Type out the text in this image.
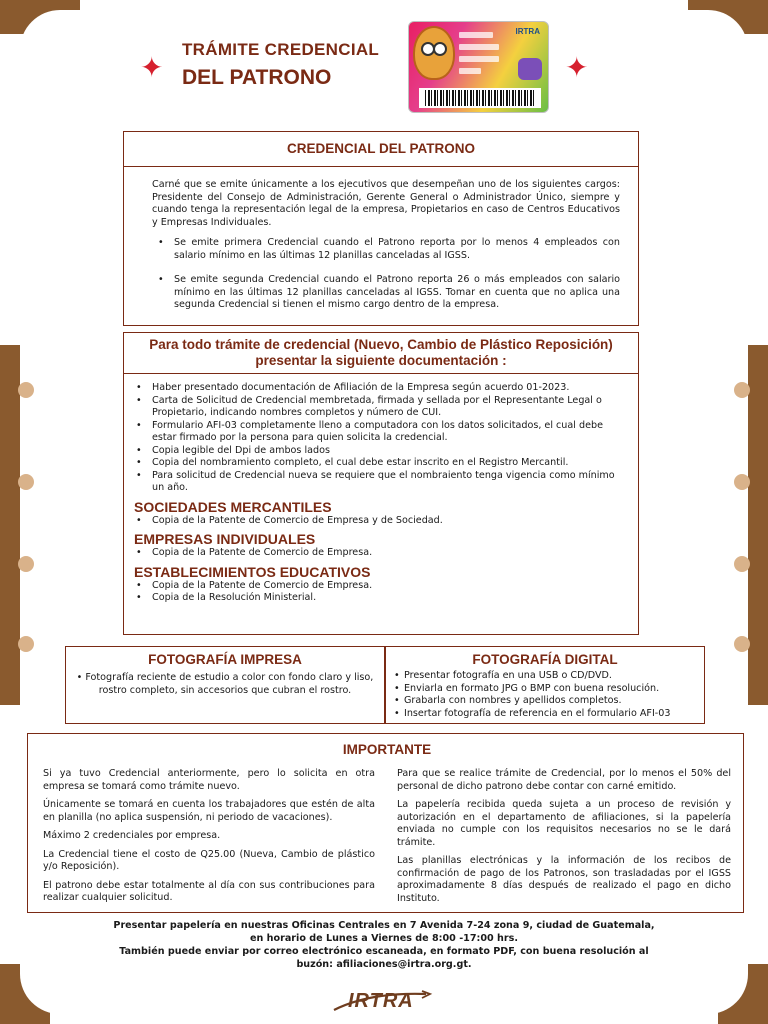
✦	✦
TRÁMITE CREDENCIAL
DEL PATRONO
IRTRA
CREDENCIAL DEL PATRONO

Carné que se emite únicamente a los ejecutivos que desempeñan uno de los siguientes cargos: Presidente del Consejo de Administración, Gerente General o Administrador Único, siempre y cuando tenga la representación legal de la empresa, Propietarios en caso de Centros Educativos y Empresas Individuales.

• Se emite primera Credencial cuando el Patrono reporta por lo menos 4 empleados con salario mínimo en las últimas 12 planillas canceladas al IGSS.
• Se emite segunda Credencial cuando el Patrono reporta 26 o más empleados con salario mínimo en las últimas 12 planillas canceladas al IGSS. Tomar en cuenta que no aplica una segunda Credencial si tienen el mismo cargo dentro de la empresa.
Para todo trámite de credencial (Nuevo, Cambio de Plástico Reposición) presentar la siguiente documentación :
• Haber presentado documentación de Afiliación de la Empresa según acuerdo 01-2023.
• Carta de Solicitud de Credencial membretada, firmada y sellada por el Representante Legal o Propietario, indicando nombres completos y número de CUI.
• Formulario AFI-03 completamente lleno a computadora con los datos solicitados, el cual debe estar firmado por la persona para quien solicita la credencial.
• Copia legible del Dpi de ambos lados
• Copia del nombramiento completo, el cual debe estar inscrito en el Registro Mercantil.
• Para solicitud de Credencial nueva se requiere que el nombraiento tenga vigencia como mínimo un año.
SOCIEDADES MERCANTILES
• Copia de la Patente de Comercio de Empresa y de Sociedad.
EMPRESAS INDIVIDUALES
• Copia de la Patente de Comercio de Empresa.
ESTABLECIMIENTOS EDUCATIVOS
• Copia de la Patente de Comercio de Empresa.
• Copia de la Resolución Ministerial.
FOTOGRAFÍA IMPRESA

• Fotografía reciente de estudio a color con fondo claro y liso, rostro completo, sin accesorios que cubran el rostro.

FOTOGRAFÍA DIGITAL
• Presentar fotografía en una USB o CD/DVD.
• Enviarla en formato JPG o BMP con buena resolución.
• Grabarla con nombres y apellidos completos.
• Insertar fotografía de referencia en el formulario AFI-03
IMPORTANTE

Si ya tuvo Credencial anteriormente, pero lo solicita en otra empresa se tomará como trámite nuevo.

Únicamente se tomará en cuenta los trabajadores que estén de alta en planilla (no aplica suspensión, ni periodo de vacaciones).

Máximo 2 credenciales por empresa.

La Credencial tiene el costo de Q25.00 (Nueva, Cambio de plástico y/o Reposición).

El patrono debe estar totalmente al día con sus contribuciones para realizar cualquier solicitud.

Para que se realice trámite de Credencial, por lo menos el 50% del personal de dicho patrono debe contar con carné emitido.

La papelería recibida queda sujeta a un proceso de revisión y autorización en el departamento de afiliaciones, si la papelería enviada no cumple con los requisitos necesarios no se le dará trámite.

Las planillas electrónicas y la información de los recibos de confirmación de pago de los Patronos, son trasladadas por el IGSS aproximadamente 8 días después de realizado el pago en dicho Instituto.

Presentar papelería en nuestras Oficinas Centrales en 7 Avenida 7-24 zona 9, ciudad de Guatemala,
en horario de Lunes a Viernes de 8:00 -17:00 hrs.
También puede enviar por correo electrónico escaneada, en formato PDF, con buena resolución al
buzón: afiliaciones@irtra.org.gt.
IRTRA
